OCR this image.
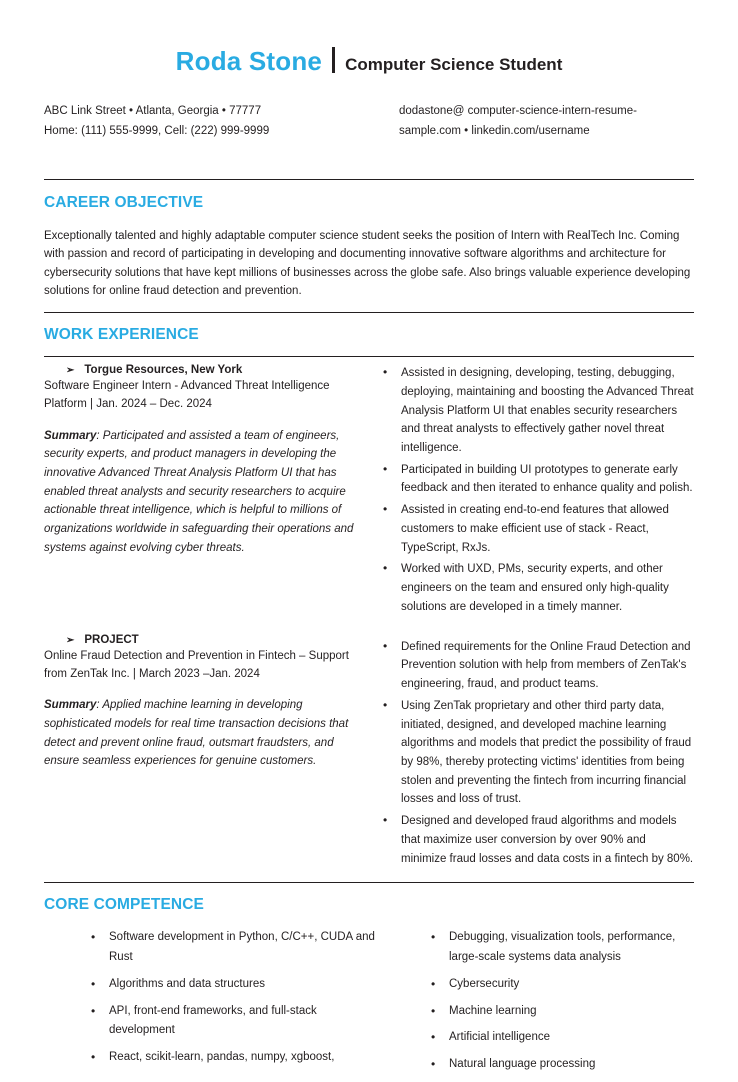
Roda Stone Computer Science Student
ABC Link Street • Atlanta, Georgia • 77777
Home: (111) 555-9999, Cell: (222) 999-9999
dodastone@ computer-science-intern-resume-
sample.com • linkedin.com/username
CAREER OBJECTIVE
Exceptionally talented and highly adaptable computer science student seeks the position of Intern with RealTech Inc. Coming with passion and record of participating in developing and documenting innovative software algorithms and architecture for cybersecurity solutions that have kept millions of businesses across the globe safe. Also brings valuable experience developing solutions for online fraud detection and prevention.
WORK EXPERIENCE
➢ Torgue Resources, New York
Software Engineer Intern - Advanced Threat Intelligence Platform | Jan. 2024 – Dec. 2024
Summary: Participated and assisted a team of engineers, security experts, and product managers in developing the innovative Advanced Threat Analysis Platform UI that has enabled threat analysts and security researchers to acquire actionable threat intelligence, which is helpful to millions of organizations worldwide in safeguarding their operations and systems against evolving cyber threats.
• Assisted in designing, developing, testing, debugging, deploying, maintaining and boosting the Advanced Threat Analysis Platform UI that enables security researchers and threat analysts to effectively gather novel threat intelligence.
• Participated in building UI prototypes to generate early feedback and then iterated to enhance quality and polish.
• Assisted in creating end-to-end features that allowed customers to make efficient use of stack - React, TypeScript, RxJs.
• Worked with UXD, PMs, security experts, and other engineers on the team and ensured only high-quality solutions are developed in a timely manner.
➢ PROJECT
Online Fraud Detection and Prevention in Fintech – Support from ZenTak Inc. | March 2023 –Jan. 2024
Summary: Applied machine learning in developing sophisticated models for real time transaction decisions that detect and prevent online fraud, outsmart fraudsters, and ensure seamless experiences for genuine customers.
• Defined requirements for the Online Fraud Detection and Prevention solution with help from members of ZenTak's engineering, fraud, and product teams.
• Using ZenTak proprietary and other third party data, initiated, designed, and developed machine learning algorithms and models that predict the possibility of fraud by 98%, thereby protecting victims' identities from being stolen and preventing the fintech from incurring financial losses and loss of trust.
• Designed and developed fraud algorithms and models that maximize user conversion by over 90% and minimize fraud losses and data costs in a fintech by 80%.
CORE COMPETENCE
• Software development in Python, C/C++, CUDA and Rust
• Algorithms and data structures
• API, front-end frameworks, and full-stack development
• React, scikit-learn, pandas, numpy, xgboost,
• Debugging, visualization tools, performance, large-scale systems data analysis
• Cybersecurity
• Machine learning
• Artificial intelligence
• Natural language processing
